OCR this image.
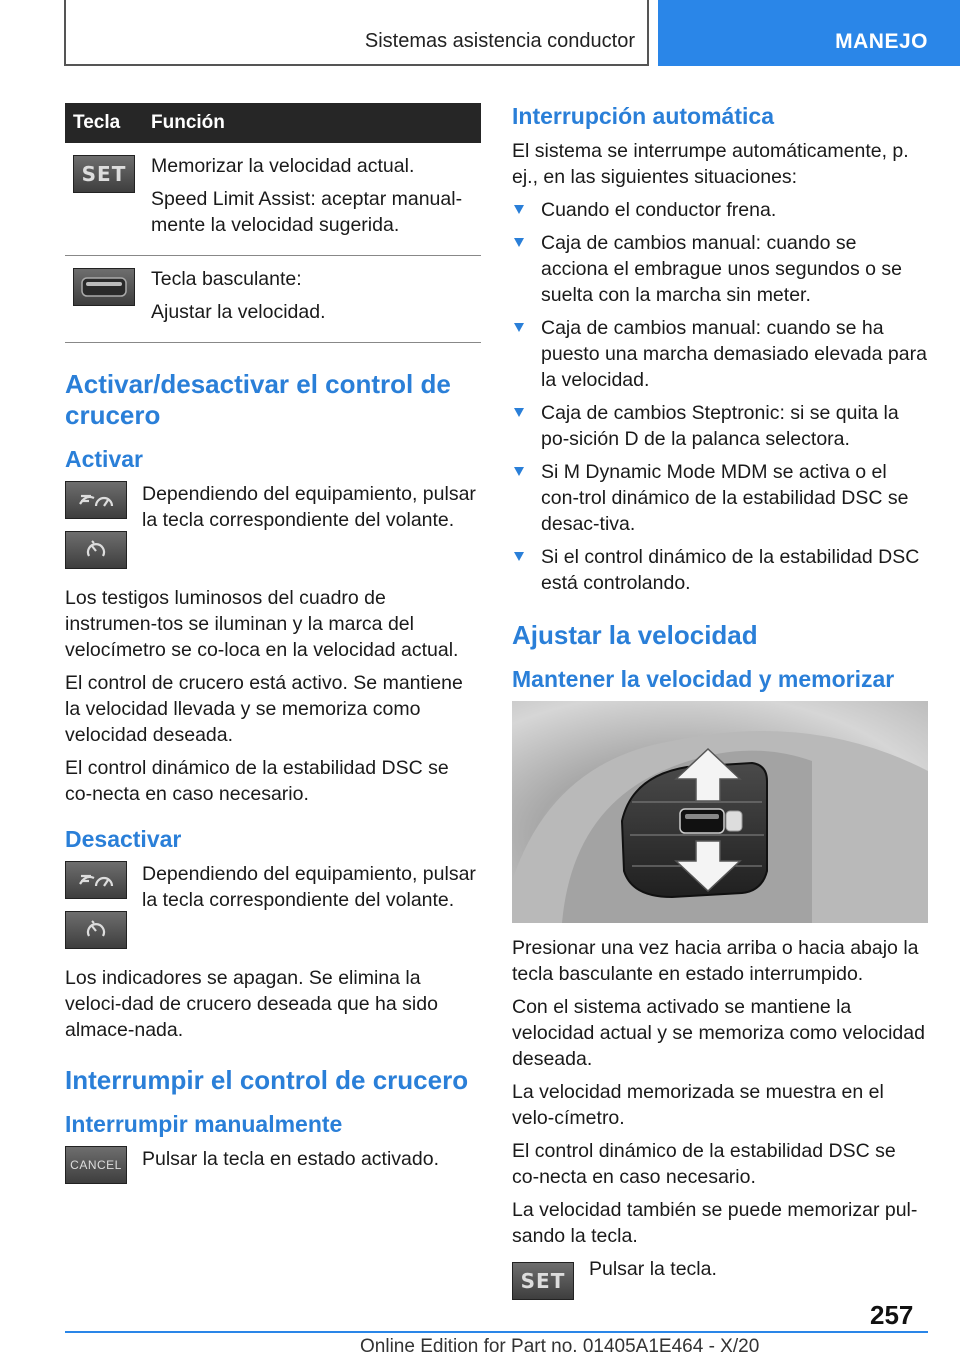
Sistemas asistencia conductor	MANEJO
Tecla	Función

SET	Memorizar la velocidad actual.

Speed Limit Assist: aceptar manual-mente la velocidad sugerida.

Tecla basculante:

Ajustar la velocidad.

Activar/desactivar el control de crucero
Activar

Dependiendo del equipamiento, pulsar la tecla correspondiente del volante.

Los testigos luminosos del cuadro de instrumen-tos se iluminan y la marca del velocímetro se co-loca en la velocidad actual.

El control de crucero está activo. Se mantiene la velocidad llevada y se memoriza como velocidad deseada.

El control dinámico de la estabilidad DSC se co-necta en caso necesario.

Desactivar

Dependiendo del equipamiento, pulsar la tecla correspondiente del volante.

Los indicadores se apagan. Se elimina la veloci-dad de crucero deseada que ha sido almace-nada.

Interrumpir el control de crucero
Interrumpir manualmente
CANCEL Pulsar la tecla en estado activado.

Interrupción automática

El sistema se interrumpe automáticamente, p. ej., en las siguientes situaciones:

Cuando el conductor frena.
Caja de cambios manual: cuando se acciona el embrague unos segundos o se suelta con la marcha sin meter.
Caja de cambios manual: cuando se ha puesto una marcha demasiado elevada para la velocidad.
Caja de cambios Steptronic: si se quita la po-sición D de la palanca selectora.
Si M Dynamic Mode MDM se activa o el con-trol dinámico de la estabilidad DSC se desac-tiva.
Si el control dinámico de la estabilidad DSC está controlando.
Ajustar la velocidad
Mantener la velocidad y memorizar

Presionar una vez hacia arriba o hacia abajo la tecla basculante en estado interrumpido.

Con el sistema activado se mantiene la velocidad actual y se memoriza como velocidad deseada.

La velocidad memorizada se muestra en el velo-címetro.

El control dinámico de la estabilidad DSC se co-necta en caso necesario.

La velocidad también se puede memorizar pul-sando la tecla.

SET Pulsar la tecla.

257
Online Edition for Part no. 01405A1E464 - X/20
